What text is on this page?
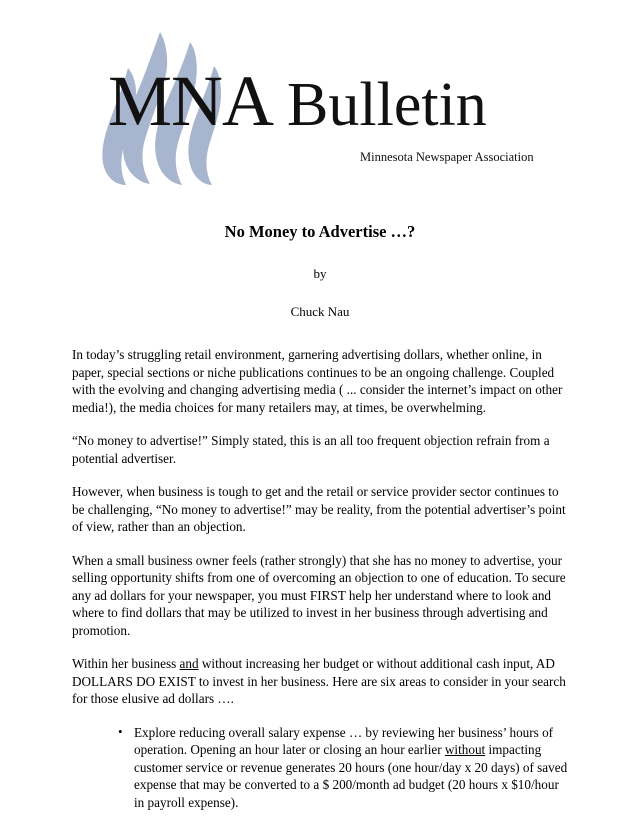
MNA Bulletin
Minnesota Newspaper Association
No Money to Advertise …?

by

Chuck Nau

In today’s struggling retail environment, garnering advertising dollars, whether online, in paper, special sections or niche publications continues to be an ongoing challenge. Coupled with the evolving and changing advertising media ( ... consider the internet’s impact on other media!), the media choices for many retailers may, at times, be overwhelming.

“No money to advertise!” Simply stated, this is an all too frequent objection refrain from a potential advertiser.

However, when business is tough to get and the retail or service provider sector continues to be challenging, “No money to advertise!” may be reality, from the potential advertiser’s point of view, rather than an objection.

When a small business owner feels (rather strongly) that she has no money to advertise, your selling opportunity shifts from one of overcoming an objection to one of education. To secure any ad dollars for your newspaper, you must FIRST help her understand where to look and where to find dollars that may be utilized to invest in her business through advertising and promotion.

Within her business and without increasing her budget or without additional cash input, AD DOLLARS DO EXIST to invest in her business. Here are six areas to consider in your search for those elusive ad dollars ….

• Explore reducing overall salary expense … by reviewing her business’ hours of operation. Opening an hour later or closing an hour earlier without impacting customer service or revenue generates 20 hours (one hour/day x 20 days) of saved expense that may be converted to a $ 200/month ad budget (20 hours x $10/hour in payroll expense).
